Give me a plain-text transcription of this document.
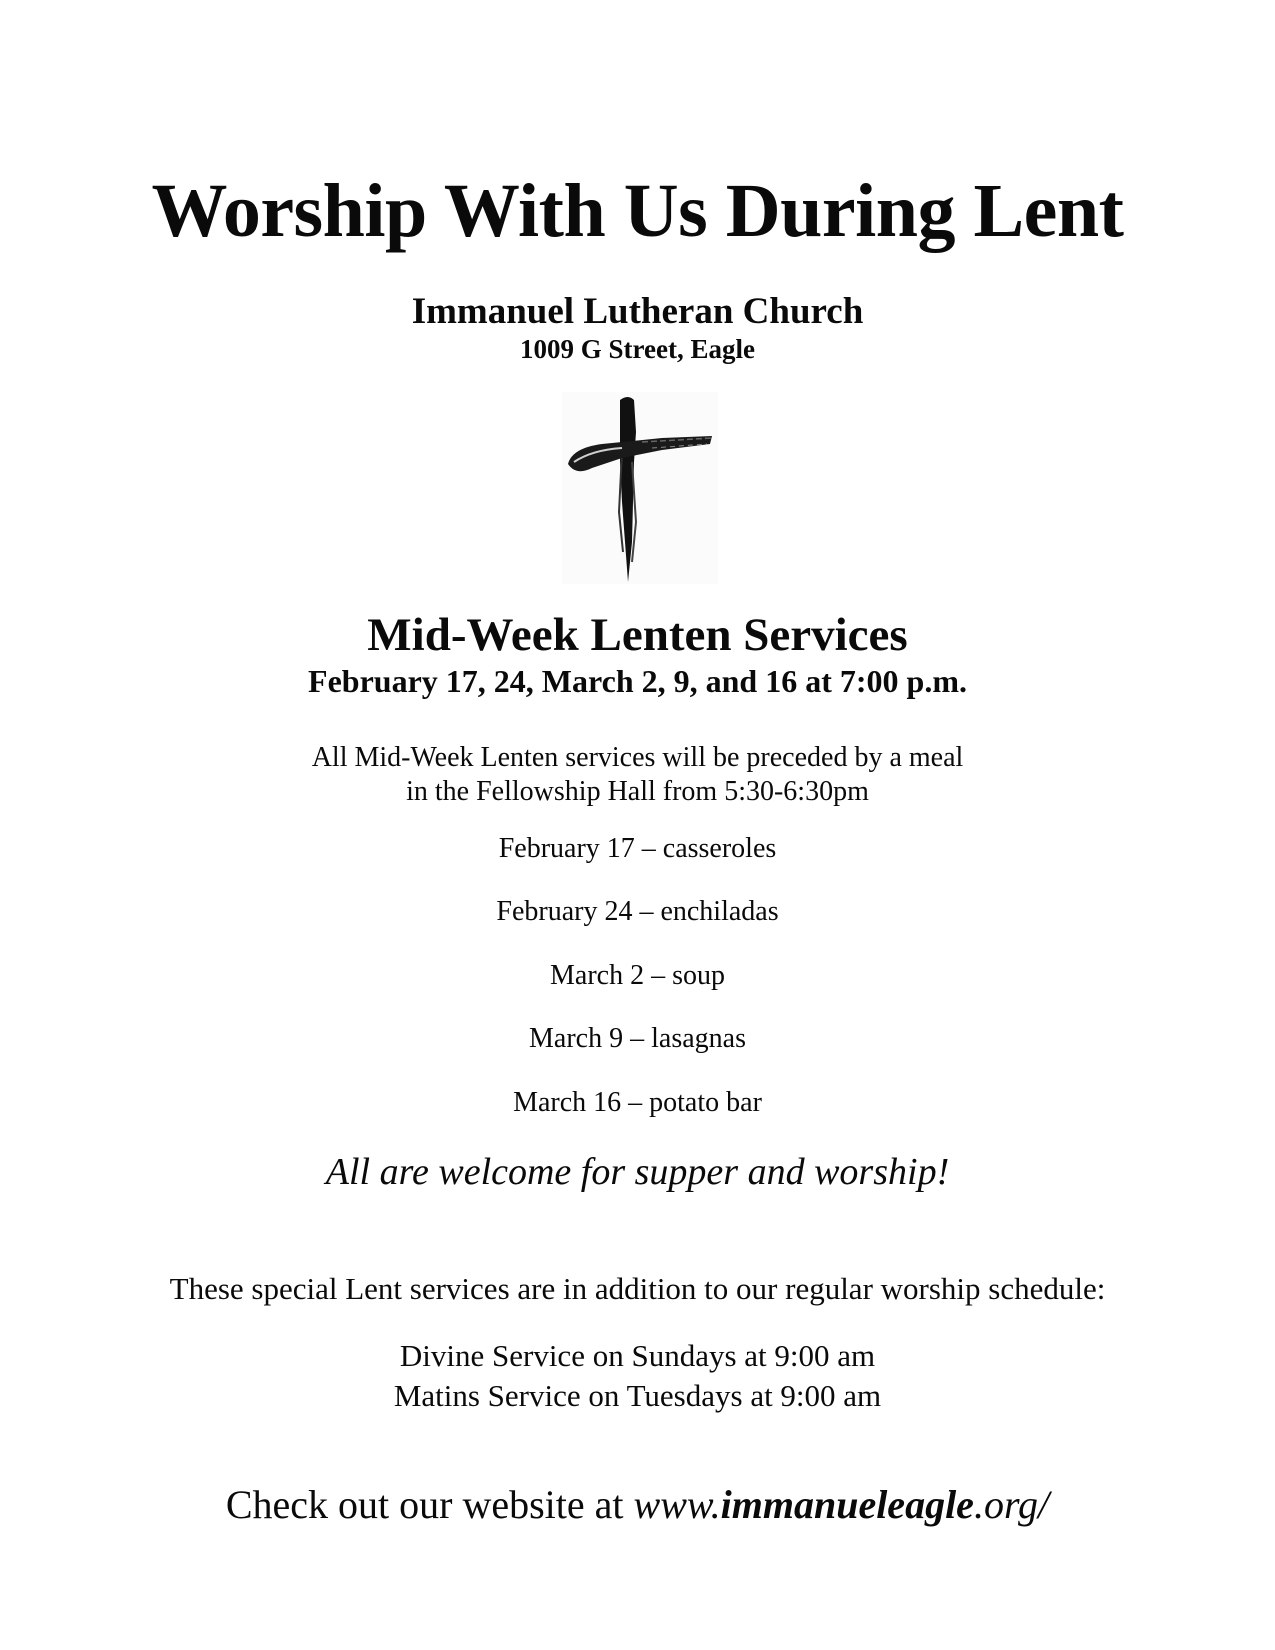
Worship With Us During Lent
Immanuel Lutheran Church
1009 G Street, Eagle
Mid-Week Lenten Services
February 17, 24, March 2, 9, and 16 at 7:00 p.m.
All Mid-Week Lenten services will be preceded by a meal
in the Fellowship Hall from 5:30-6:30pm
February 17 – casseroles
February 24 – enchiladas
March 2 – soup
March 9 – lasagnas
March 16 – potato bar
All are welcome for supper and worship!
These special Lent services are in addition to our regular worship schedule:
Divine Service on Sundays at 9:00 am
Matins Service on Tuesdays at 9:00 am
Check out our website at www.immanueleagle.org/
